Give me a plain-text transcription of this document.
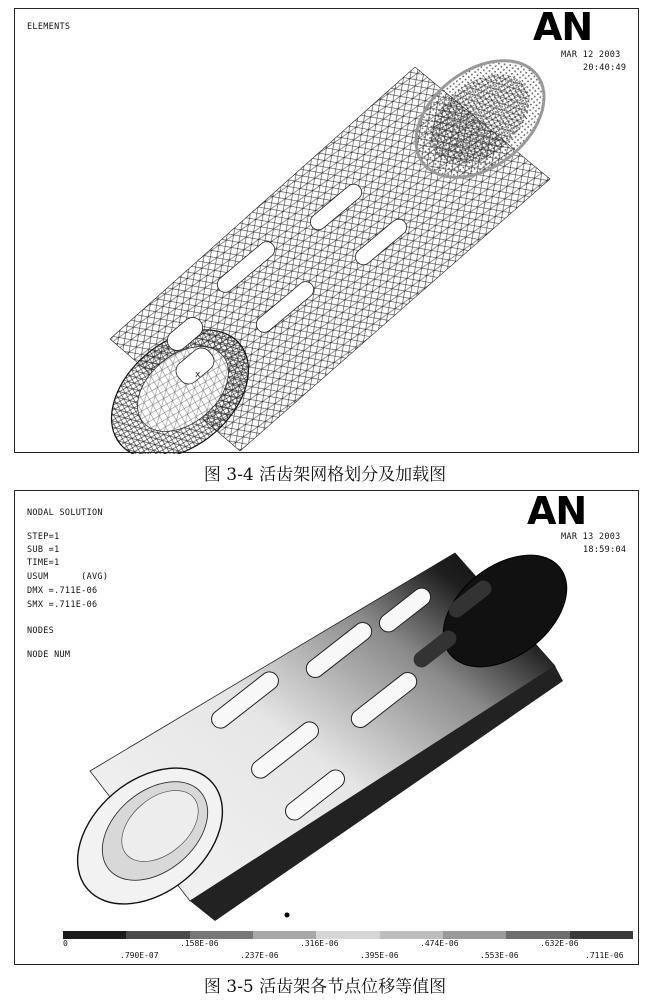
ELEMENTS	AN
MAR 12 2003
20:40:49
x
图 3-4 活齿架网格划分及加载图
NODAL SOLUTION
STEP=1
SUB =1
TIME=1
USUM      (AVG)
DMX =.711E-06
SMX =.711E-06
NODES
NODE NUM
AN
MAR 13 2003
18:59:04
0	.158E-06	.316E-06	.474E-06	.632E-06
.790E-07	.237E-06	.395E-06	.553E-06	.711E-06
图 3-5 活齿架各节点位移等值图
